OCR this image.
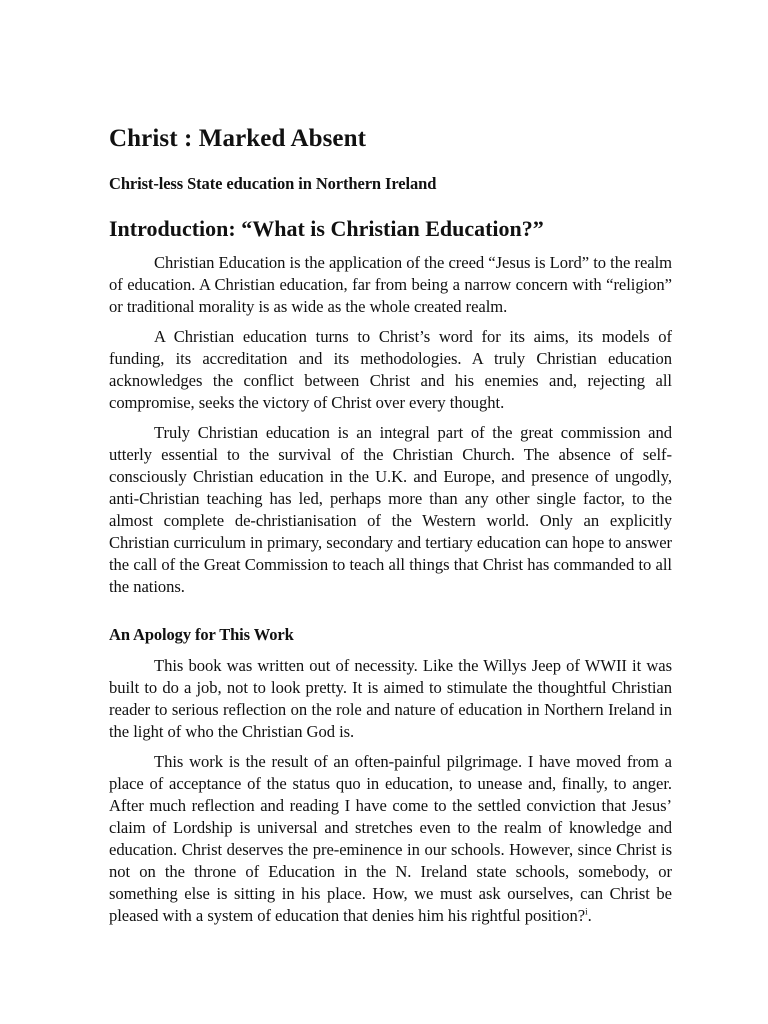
Christ : Marked Absent
Christ-less State education in Northern Ireland
Introduction: “What is Christian Education?”

Christian Education is the application of the creed “Jesus is Lord” to the realm of education. A Christian education, far from being a narrow concern with “religion” or traditional morality is as wide as the whole created realm.

A Christian education turns to Christ’s word for its aims, its models of funding, its accreditation and its methodologies. A truly Christian education acknowledges the conflict between Christ and his enemies and, rejecting all compromise, seeks the victory of Christ over every thought.

Truly Christian education is an integral part of the great commission and utterly essential to the survival of the Christian Church. The absence of self-consciously Christian education in the U.K. and Europe, and presence of ungodly, anti-Christian teaching has led, perhaps more than any other single factor, to the almost complete de-christianisation of the Western world. Only an explicitly Christian curriculum in primary, secondary and tertiary education can hope to answer the call of the Great Commission to teach all things that Christ has commanded to all the nations.

An Apology for This Work

This book was written out of necessity. Like the Willys Jeep of WWII it was built to do a job, not to look pretty. It is aimed to stimulate the thoughtful Christian reader to serious reflection on the role and nature of education in Northern Ireland in the light of who the Christian God is.

This work is the result of an often-painful pilgrimage. I have moved from a place of acceptance of the status quo in education, to unease and, finally, to anger. After much reflection and reading I have come to the settled conviction that Jesus’ claim of Lordship is universal and stretches even to the realm of knowledge and education. Christ deserves the pre-eminence in our schools. However, since Christ is not on the throne of Education in the N. Ireland state schools, somebody, or something else is sitting in his place. How, we must ask ourselves, can Christ be pleased with a system of education that denies him his rightful position?$^i$.
